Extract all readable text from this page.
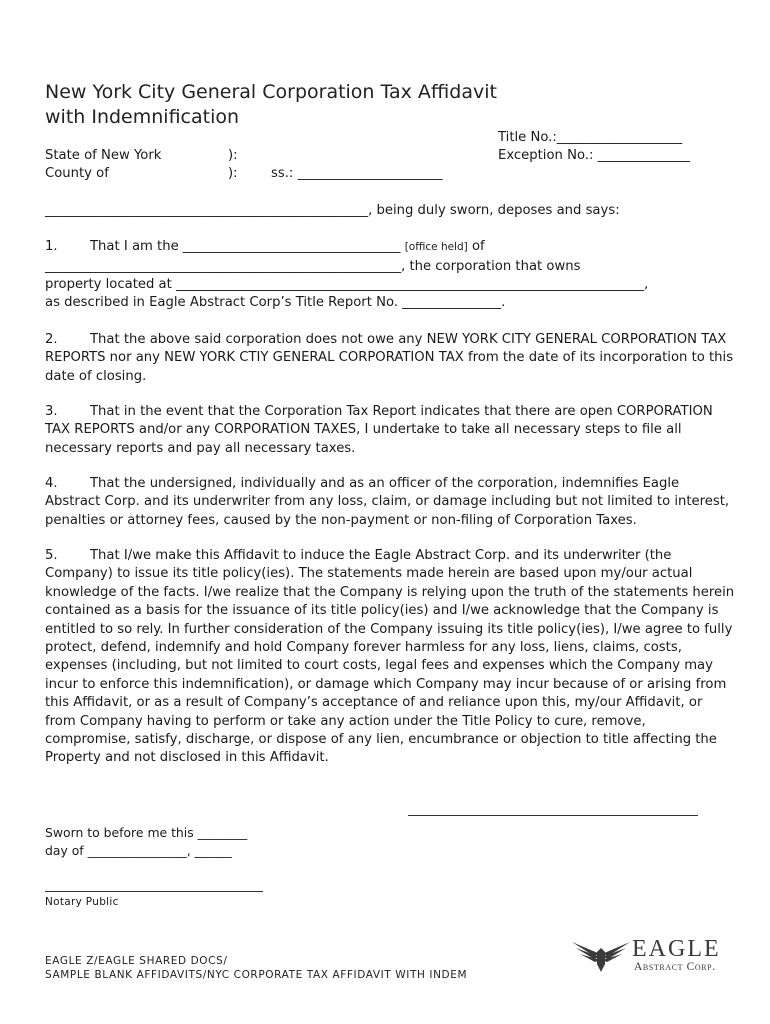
New York City General Corporation Tax Affidavit
with Indemnification
Title No.:___________________
Exception No.: ______________
State of New York
County of
):
):	ss.: ______________________
_________________________________________________, being duly sworn, deposes and says:
1. That I am the _________________________________ [office held] of
______________________________________________________, the corporation that owns
property located at _______________________________________________________________________,
as described in Eagle Abstract Corp’s Title Report No. _______________.
2. That the above said corporation does not owe any NEW YORK CITY GENERAL CORPORATION TAX REPORTS nor any NEW YORK CTIY GENERAL CORPORATION TAX from the date of its incorporation to this date of closing.
3. That in the event that the Corporation Tax Report indicates that there are open CORPORATION TAX REPORTS and/or any CORPORATION TAXES, I undertake to take all necessary steps to file all necessary reports and pay all necessary taxes.
4. That the undersigned, individually and as an officer of the corporation, indemnifies Eagle Abstract Corp. and its underwriter from any loss, claim, or damage including but not limited to interest, penalties or attorney fees, caused by the non-payment or non-filing of Corporation Taxes.
5. That I/we make this Affidavit to induce the Eagle Abstract Corp. and its underwriter (the Company) to issue its title policy(ies). The statements made herein are based upon my/our actual knowledge of the facts. I/we realize that the Company is relying upon the truth of the statements herein contained as a basis for the issuance of its title policy(ies) and I/we acknowledge that the Company is entitled to so rely. In further consideration of the Company issuing its title policy(ies), I/we agree to fully protect, defend, indemnify and hold Company forever harmless for any loss, liens, claims, costs, expenses (including, but not limited to court costs, legal fees and expenses which the Company may incur to enforce this indemnification), or damage which Company may incur because of or arising from this Affidavit, or as a result of Company’s acceptance of and reliance upon this, my/our Affidavit, or from Company having to perform or take any action under the Title Policy to cure, remove, compromise, satisfy, discharge, or dispose of any lien, encumbrance or objection to title affecting the Property and not disclosed in this Affidavit.
Sworn to before me this ________
day of ________________, ______
Notary Public
EAGLE Z/EAGLE SHARED DOCS/
SAMPLE BLANK AFFIDAVITS/NYC CORPORATE TAX AFFIDAVIT WITH INDEM
EAGLE
Abstract Corp.
